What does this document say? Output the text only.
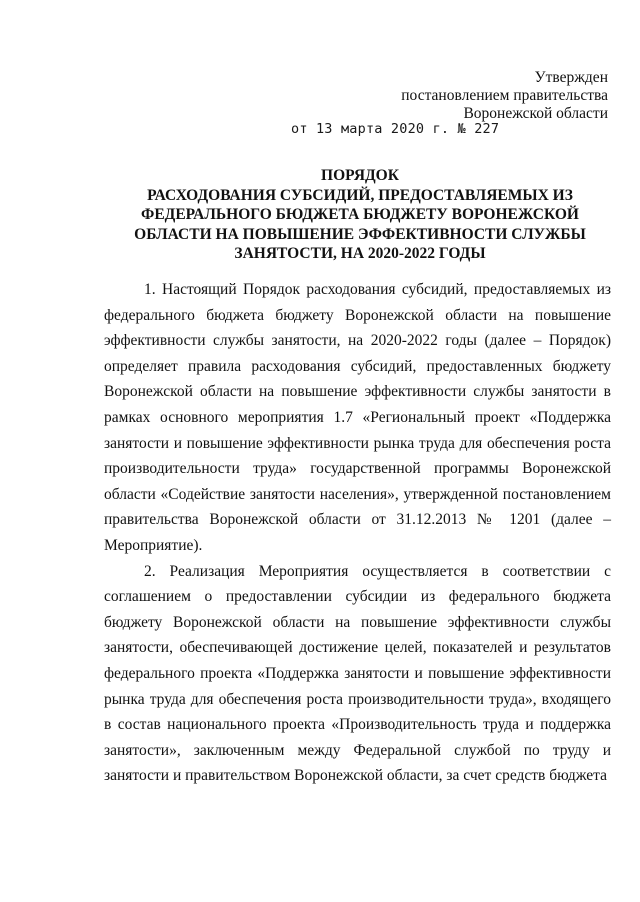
Утвержден
постановлением правительства
Воронежской области
от 13 марта 2020 г. № 227
ПОРЯДОК
РАСХОДОВАНИЯ СУБСИДИЙ, ПРЕДОСТАВЛЯЕМЫХ ИЗ
ФЕДЕРАЛЬНОГО БЮДЖЕТА БЮДЖЕТУ ВОРОНЕЖСКОЙ
ОБЛАСТИ НА ПОВЫШЕНИЕ ЭФФЕКТИВНОСТИ СЛУЖБЫ
ЗАНЯТОСТИ, НА 2020-2022 ГОДЫ

1. Настоящий Порядок расходования субсидий, предоставляемых из федерального бюджета бюджету Воронежской области на повышение эффективности службы занятости, на 2020-2022 годы (далее – Порядок) определяет правила расходования субсидий, предоставленных бюджету Воронежской области на повышение эффективности службы занятости в рамках основного мероприятия 1.7 «Региональный проект «Поддержка занятости и повышение эффективности рынка труда для обеспечения роста производительности труда» государственной программы Воронежской области «Содействие занятости населения», утвержденной постановлением правительства Воронежской области от 31.12.2013 № 1201 (далее – Мероприятие).

2. Реализация Мероприятия осуществляется в соответствии с соглашением о предоставлении субсидии из федерального бюджета бюджету Воронежской области на повышение эффективности службы занятости, обеспечивающей достижение целей, показателей и результатов федерального проекта «Поддержка занятости и повышение эффективности рынка труда для обеспечения роста производительности труда», входящего в состав национального проекта «Производительность труда и поддержка занятости», заключенным между Федеральной службой по труду и занятости и правительством Воронежской области, за счет средств бюджета
